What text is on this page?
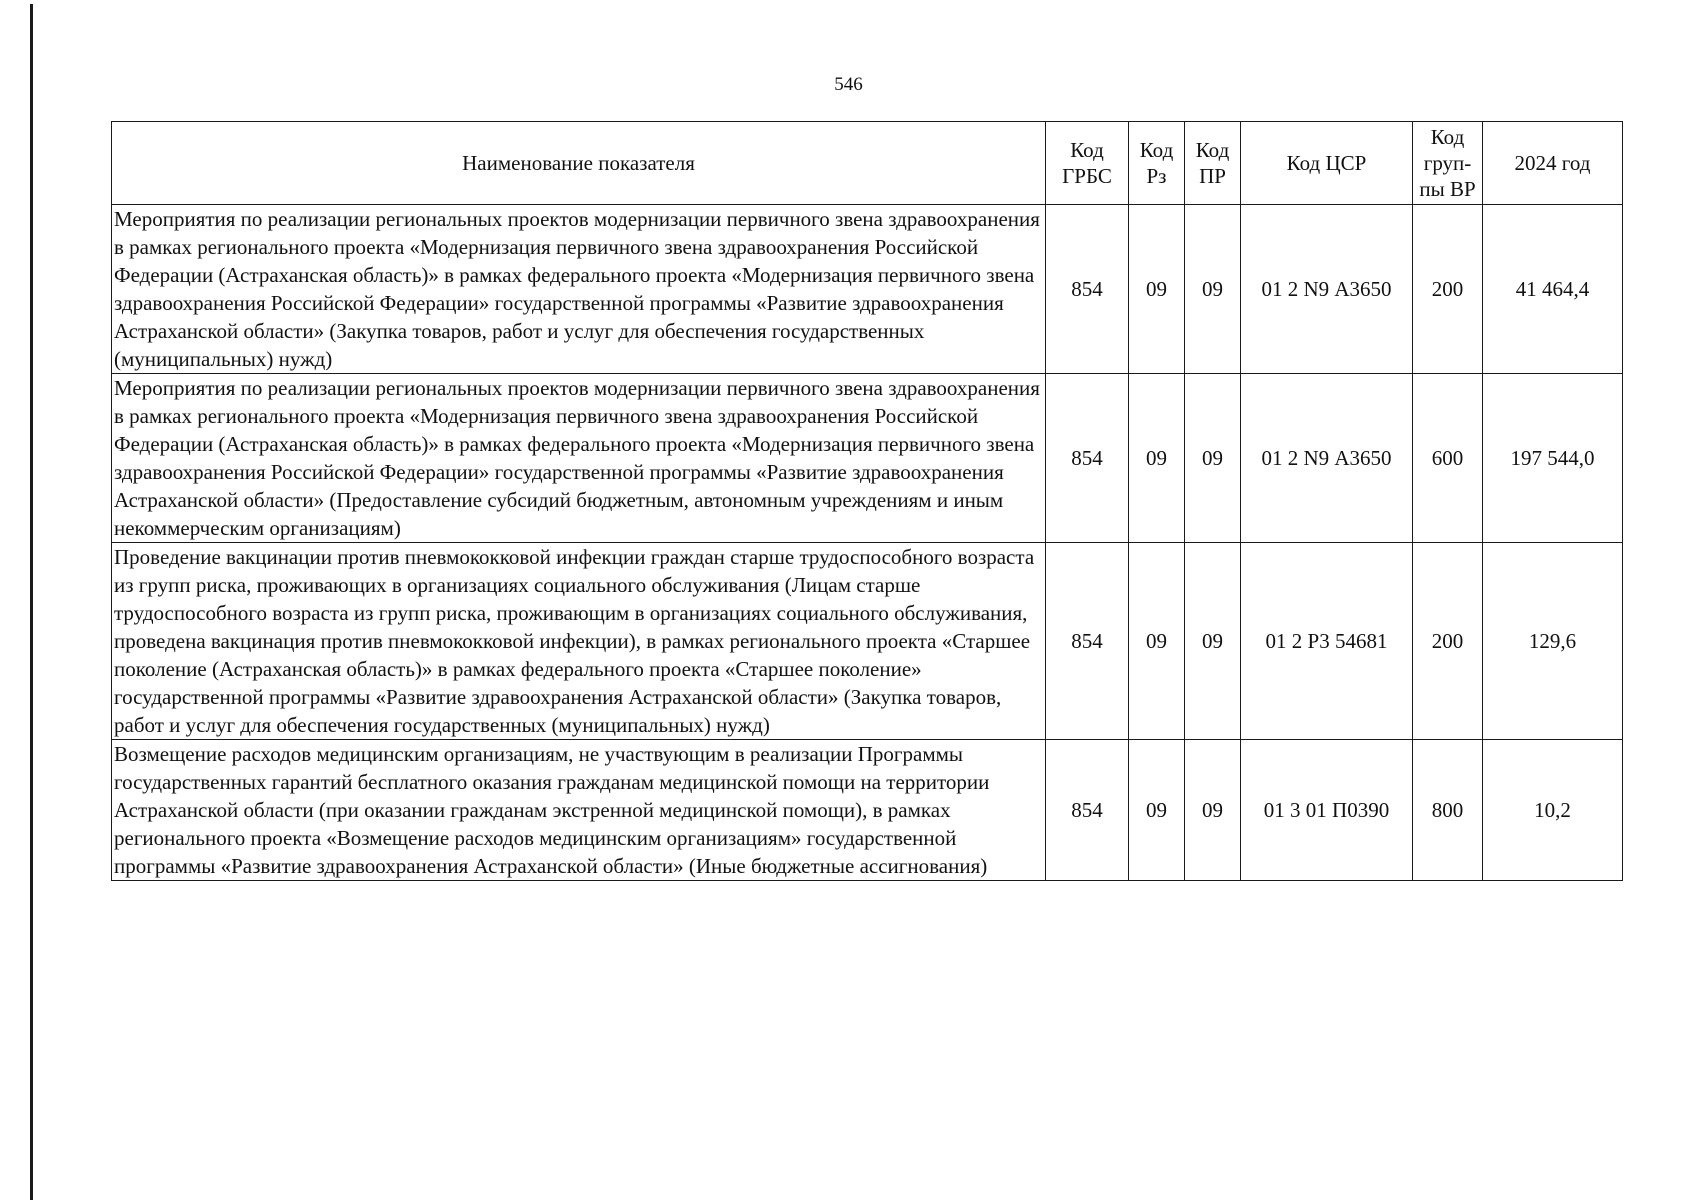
546
Наименование показателя	Код ГРБС	Код Рз	Код ПР	Код ЦСР	Код груп-пы ВР	2024 год
Мероприятия по реализации региональных проектов модернизации первичного звена здравоохранения в рамках регионального проекта «Модернизация первичного звена здравоохранения Российской Федерации (Астраханская область)» в рамках федерального проекта «Модернизация первичного звена здравоохранения Российской Федерации» государственной программы «Развитие здравоохранения Астраханской области» (Закупка товаров, работ и услуг для обеспечения государственных (муниципальных) нужд)	854	09	09	01 2 N9 А3650	200	41 464,4
Мероприятия по реализации региональных проектов модернизации первичного звена здравоохранения в рамках регионального проекта «Модернизация первичного звена здравоохранения Российской Федерации (Астраханская область)» в рамках федерального проекта «Модернизация первичного звена здравоохранения Российской Федерации» государственной программы «Развитие здравоохранения Астраханской области» (Предоставление субсидий бюджетным, автономным учреждениям и иным некоммерческим организациям)	854	09	09	01 2 N9 А3650	600	197 544,0
Проведение вакцинации против пневмококковой инфекции граждан старше трудоспособного возраста из групп риска, проживающих в организациях социального обслуживания (Лицам старше трудоспособного возраста из групп риска, проживающим в организациях социального обслуживания, проведена вакцинация против пневмококковой инфекции), в рамках регионального проекта «Старшее поколение (Астраханская область)» в рамках федерального проекта «Старшее поколение» государственной программы «Развитие здравоохранения Астраханской области» (Закупка товаров, работ и услуг для обеспечения государственных (муниципальных) нужд)	854	09	09	01 2 P3 54681	200	129,6
Возмещение расходов медицинским организациям, не участвующим в реализации Программы государственных гарантий бесплатного оказания гражданам медицинской помощи на территории Астраханской области (при оказании гражданам экстренной медицинской помощи), в рамках регионального проекта «Возмещение расходов медицинским организациям» государственной программы «Развитие здравоохранения Астраханской области» (Иные бюджетные ассигнования)	854	09	09	01 3 01 П0390	800	10,2
